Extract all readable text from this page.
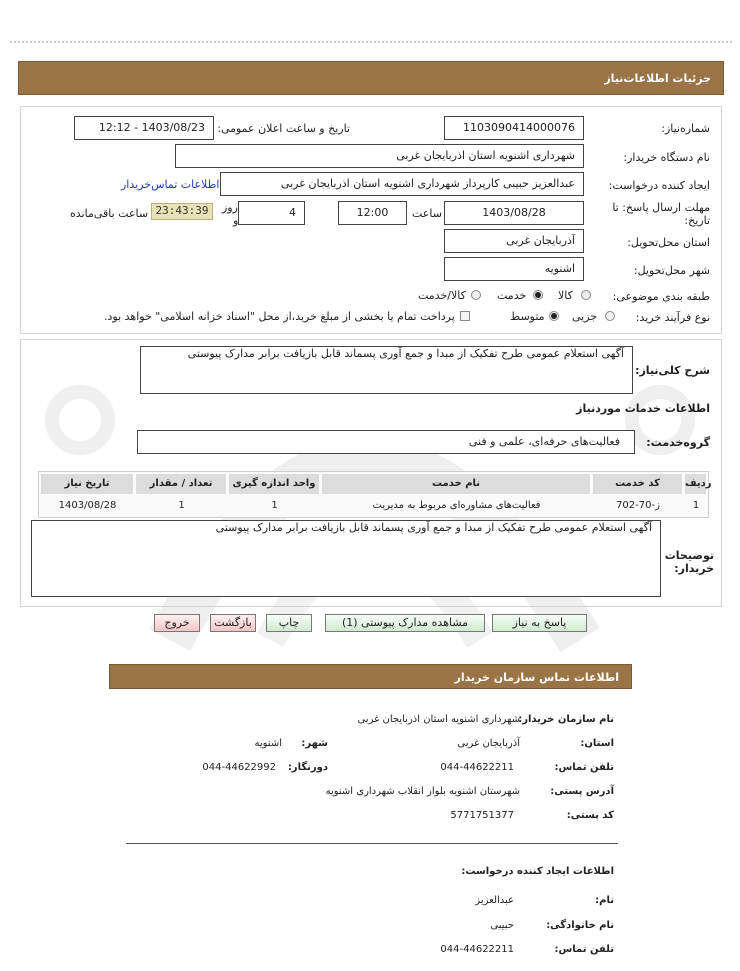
جزئیات اطلاعات‌نیاز
شماره‌نیاز:
1103090414000076
تاریخ و ساعت اعلان عمومی:
1403/08/23 - 12:12
نام دستگاه خریدار:
شهرداری اشنویه استان اذربایجان غربی
ایجاد کننده درخواست:
عبدالعزیز حبیبی کارپرداز شهرداری اشنویه استان اذربایجان غربی
اطلاعات تماس‌خریدار
مهلت ارسال پاسخ: تا
تاریخ:
1403/08/28
ساعت
12:00
4
روز
و
23:43:39
ساعت باقی‌مانده
استان محل‌تحویل:
آذربایجان غربی
شهر محل‌تحویل:
اشنویه
طبقه بندی موضوعی:
کالا
خدمت
کالا/خدمت
نوع فرآیند خرید:
جزیی
متوسط
پرداخت تمام یا بخشی از مبلغ خرید،از محل "اسناد خزانه اسلامی" خواهد بود.
شرح کلی‌نیاز:
آگهی استعلام عمومی طرح تفکیک از مبدا و جمع آوری پسماند قابل بازیافت برابر مدارک پیوستی
اطلاعات خدمات موردنیاز
گروه‌خدمت:
فعالیت‌های حرفه‌ای، علمی و فنی
ردیف
کد خدمت
نام خدمت
واحد اندازه گیری
تعداد / مقدار
تاریخ نیاز
1
ز-70-702
فعالیت‌های مشاوره‌ای مربوط به مدیریت
1
1
1403/08/28
توضیحات
خریدار:
آگهی استعلام عمومی طرح تفکیک از مبدا و جمع آوری پسماند قابل بازیافت برابر مدارک پیوستی
پاسخ به نیاز
مشاهده مدارک پیوستی (1)
چاپ
بازگشت
خروج
اطلاعات تماس سازمان خریدار
نام سازمان خریدار:
شهرداری اشنویه استان اذربایجان غربی
استان:
آذربایجان غربی
شهر:
اشنویه
تلفن تماس:
044-44622211
دورنگار:
044-44622992
آدرس پستی:
شهرستان اشنویه بلوار انقلاب شهرداری اشنویه
کد پستی:
5771751377
اطلاعات ایجاد کننده درخواست:
نام:
عبدالعزیز
نام خانوادگی:
حبیبی
تلفن تماس:
044-44622211
